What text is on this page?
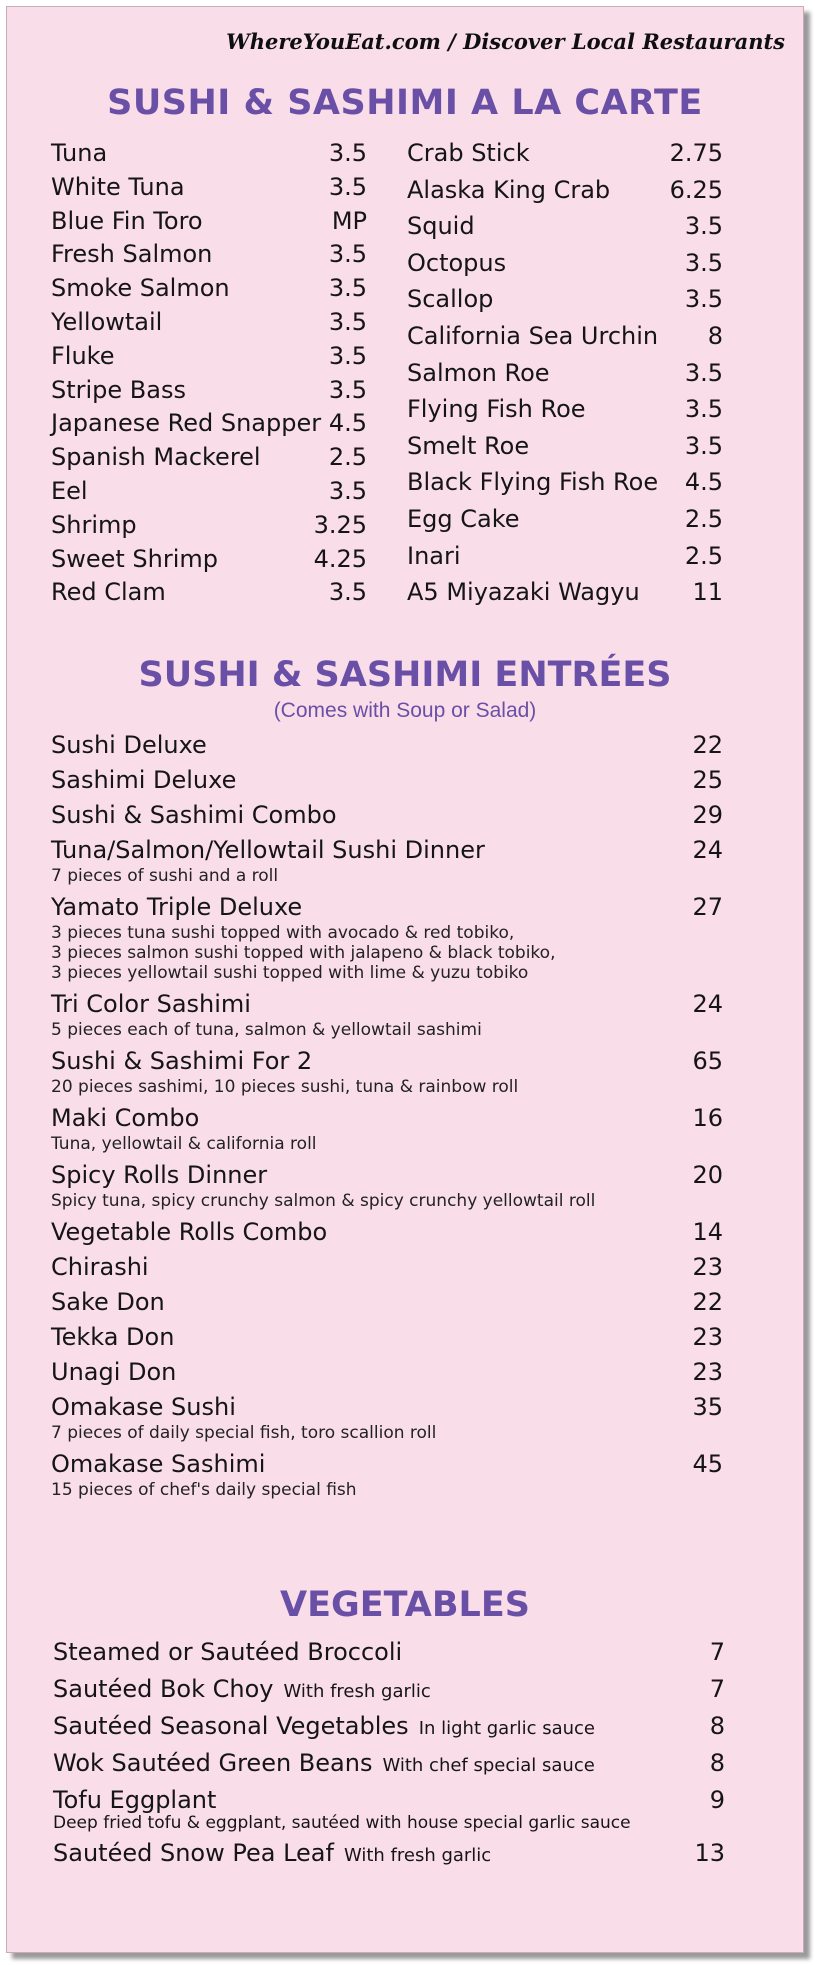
WhereYouEat.com / Discover Local Restaurants
SUSHI & SASHIMI A LA CARTE
Tuna	3.5
White Tuna	3.5
Blue Fin Toro	MP
Fresh Salmon	3.5
Smoke Salmon	3.5
Yellowtail	3.5
Fluke	3.5
Stripe Bass	3.5
Japanese Red Snapper 4.5
Spanish Mackerel	2.5
Eel	3.5
Shrimp	3.25
Sweet Shrimp	4.25
Red Clam	3.5
Crab Stick	2.75
Alaska King Crab 6.25
Squid	3.5
Octopus	3.5
Scallop	3.5
California Sea Urchin 8
Salmon Roe	3.5
Flying Fish Roe	3.5
Smelt Roe	3.5
Black Flying Fish Roe 4.5
Egg Cake	2.5
Inari	2.5
A5 Miyazaki Wagyu 11
SUSHI & SASHIMI ENTRÉES
(Comes with Soup or Salad)
Sushi Deluxe	22
Sashimi Deluxe	25
Sushi & Sashimi Combo	29
Tuna/Salmon/Yellowtail Sushi Dinner	24
7 pieces of sushi and a roll
Yamato Triple Deluxe	27
3 pieces tuna sushi topped with avocado & red tobiko,
3 pieces salmon sushi topped with jalapeno & black tobiko,
3 pieces yellowtail sushi topped with lime & yuzu tobiko
Tri Color Sashimi	24
5 pieces each of tuna, salmon & yellowtail sashimi
Sushi & Sashimi For 2	65
20 pieces sashimi, 10 pieces sushi, tuna & rainbow roll
Maki Combo	16
Tuna, yellowtail & california roll
Spicy Rolls Dinner	20
Spicy tuna, spicy crunchy salmon & spicy crunchy yellowtail roll
Vegetable Rolls Combo	14
Chirashi	23
Sake Don	22
Tekka Don	23
Unagi Don	23
Omakase Sushi	35
7 pieces of daily special fish, toro scallion roll
Omakase Sashimi	45
15 pieces of chef's daily special fish
VEGETABLES
Steamed or Sautéed Broccoli	7
Sautéed Bok Choy With fresh garlic	7
Sautéed Seasonal Vegetables In light garlic sauce	8
Wok Sautéed Green Beans With chef special sauce	8
Tofu Eggplant	9
Deep fried tofu & eggplant, sautéed with house special garlic sauce
Sautéed Snow Pea Leaf With fresh garlic	13
